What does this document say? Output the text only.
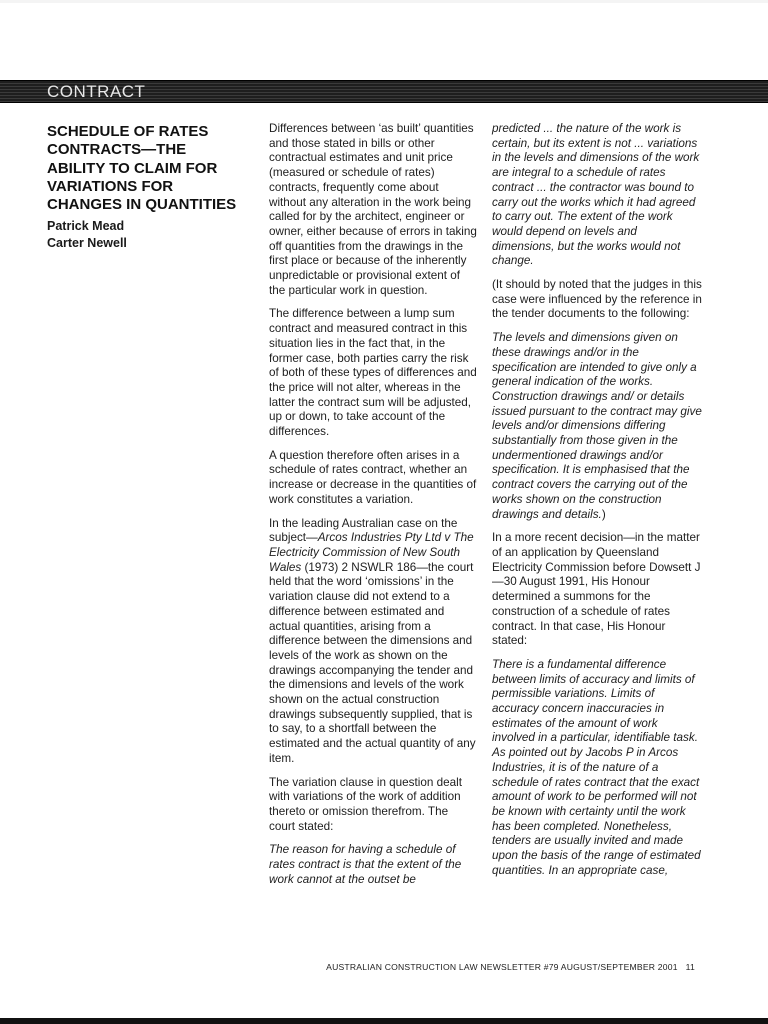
CONTRACT
SCHEDULE OF RATES
CONTRACTS—THE
ABILITY TO CLAIM FOR
VARIATIONS FOR
CHANGES IN QUANTITIES

Patrick Mead

Carter Newell

Differences between ‘as built’ quantities and those stated in bills or other contractual estimates and unit price (measured or schedule of rates) contracts, frequently come about without any alteration in the work being called for by the architect, engineer or owner, either because of errors in taking off quantities from the drawings in the first place or because of the inherently unpredictable or provisional extent of the particular work in question.

The difference between a lump sum contract and measured contract in this situation lies in the fact that, in the former case, both parties carry the risk of both of these types of differences and the price will not alter, whereas in the latter the contract sum will be adjusted, up or down, to take account of the differences.

A question therefore often arises in a schedule of rates contract, whether an increase or decrease in the quantities of work constitutes a variation.

In the leading Australian case on the subject—Arcos Industries Pty Ltd v The Electricity Commission of New South Wales (1973) 2 NSWLR 186—the court held that the word ‘omissions’ in the variation clause did not extend to a difference between estimated and actual quantities, arising from a difference between the dimensions and levels of the work as shown on the drawings accompanying the tender and the dimensions and levels of the work shown on the actual construction drawings subsequently supplied, that is to say, to a shortfall between the estimated and the actual quantity of any item.

The variation clause in question dealt with variations of the work of addition thereto or omission therefrom. The court stated:

The reason for having a schedule of rates contract is that the extent of the work cannot at the outset be

predicted ... the nature of the work is certain, but its extent is not ... variations in the levels and dimensions of the work are integral to a schedule of rates contract ... the contractor was bound to carry out the works which it had agreed to carry out. The extent of the work would depend on levels and dimensions, but the works would not change.

(It should by noted that the judges in this case were influenced by the reference in the tender documents to the following:

The levels and dimensions given on these drawings and/or in the specification are intended to give only a general indication of the works. Construction drawings and/ or details issued pursuant to the contract may give levels and/or dimensions differing substantially from those given in the undermentioned drawings and/or specification. It is emphasised that the contract covers the carrying out of the works shown on the construction drawings and details.)

In a more recent decision—in the matter of an application by Queensland Electricity Commission before Dowsett J—30 August 1991, His Honour determined a summons for the construction of a schedule of rates contract. In that case, His Honour stated:

There is a fundamental difference between limits of accuracy and limits of permissible variations. Limits of accuracy concern inaccuracies in estimates of the amount of work involved in a particular, identifiable task. As pointed out by Jacobs P in Arcos Industries, it is of the nature of a schedule of rates contract that the exact amount of work to be performed will not be known with certainty until the work has been completed. Nonetheless, tenders are usually invited and made upon the basis of the range of estimated quantities. In an appropriate case,

AUSTRALIAN CONSTRUCTION LAW NEWSLETTER #79 AUGUST/SEPTEMBER 2001 11
